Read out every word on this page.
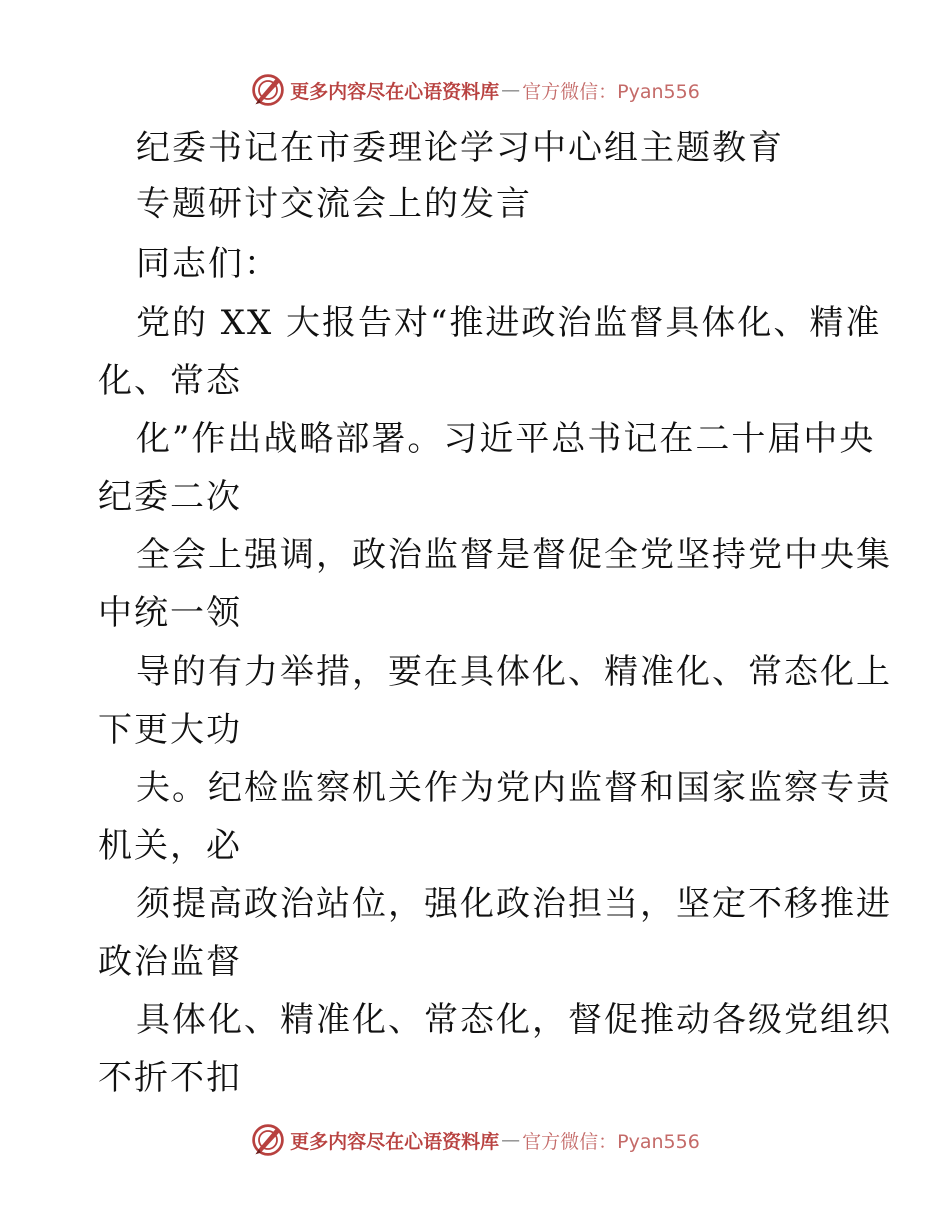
更多内容尽在心语资料库 — 官方微信：Pyan556
纪委书记在市委理论学习中心组主题教育
专题研讨交流会上的发言
同志们：
党的 XX 大报告对“推进政治监督具体化、精准
化、常态
化”作出战略部署。习近平总书记在二十届中央
纪委二次
全会上强调，政治监督是督促全党坚持党中央集
中统一领
导的有力举措，要在具体化、精准化、常态化上
下更大功
夫。纪检监察机关作为党内监督和国家监察专责
机关，必
须提高政治站位，强化政治担当，坚定不移推进
政治监督
具体化、精准化、常态化，督促推动各级党组织
不折不扣
更多内容尽在心语资料库 — 官方微信：Pyan556
